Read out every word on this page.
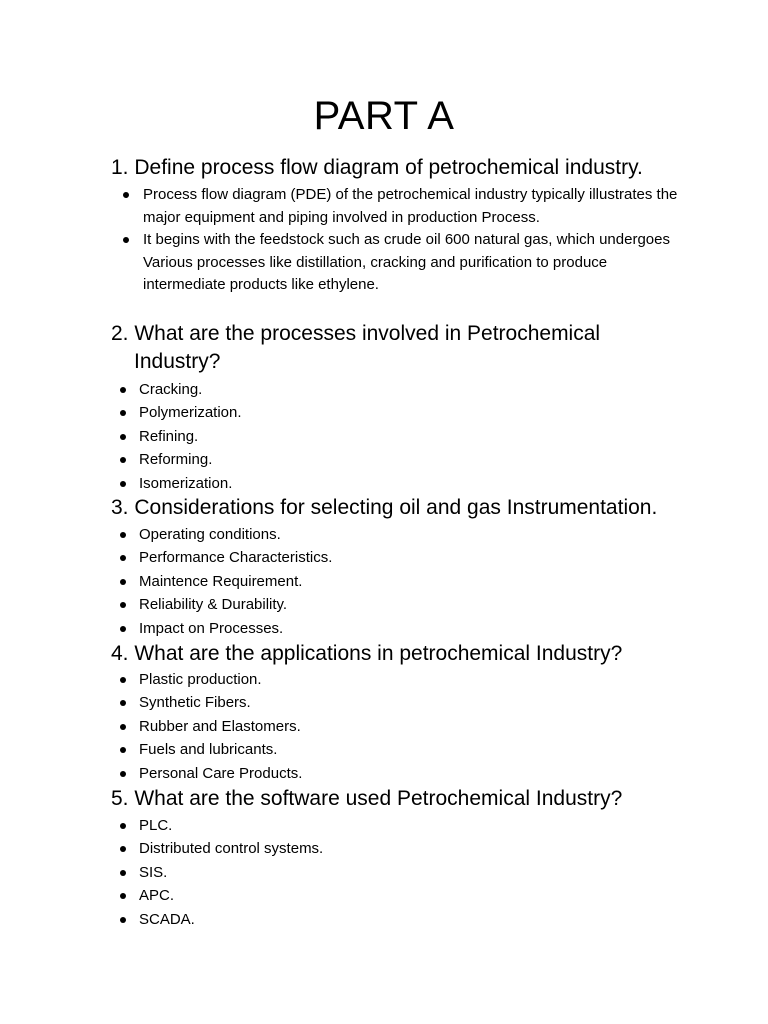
PART A
1. Define process flow diagram of petrochemical industry.
Process flow diagram (PDE) of the petrochemical industry typically illustrates the major equipment and piping involved in production Process.
It begins with the feedstock such as crude oil 600 natural gas, which undergoes Various processes like distillation, cracking and purification to produce intermediate products like ethylene.
2. What are the processes involved in Petrochemical
Industry?
Cracking.
Polymerization.
Refining.
Reforming.
Isomerization.
3. Considerations for selecting oil and gas Instrumentation.
Operating conditions.
Performance Characteristics.
Maintence Requirement.
Reliability & Durability.
Impact on Processes.
4. What are the applications in petrochemical Industry?
Plastic production.
Synthetic Fibers.
Rubber and Elastomers.
Fuels and lubricants.
Personal Care Products.
5. What are the software used Petrochemical Industry?
PLC.
Distributed control systems.
SIS.
APC.
SCADA.
